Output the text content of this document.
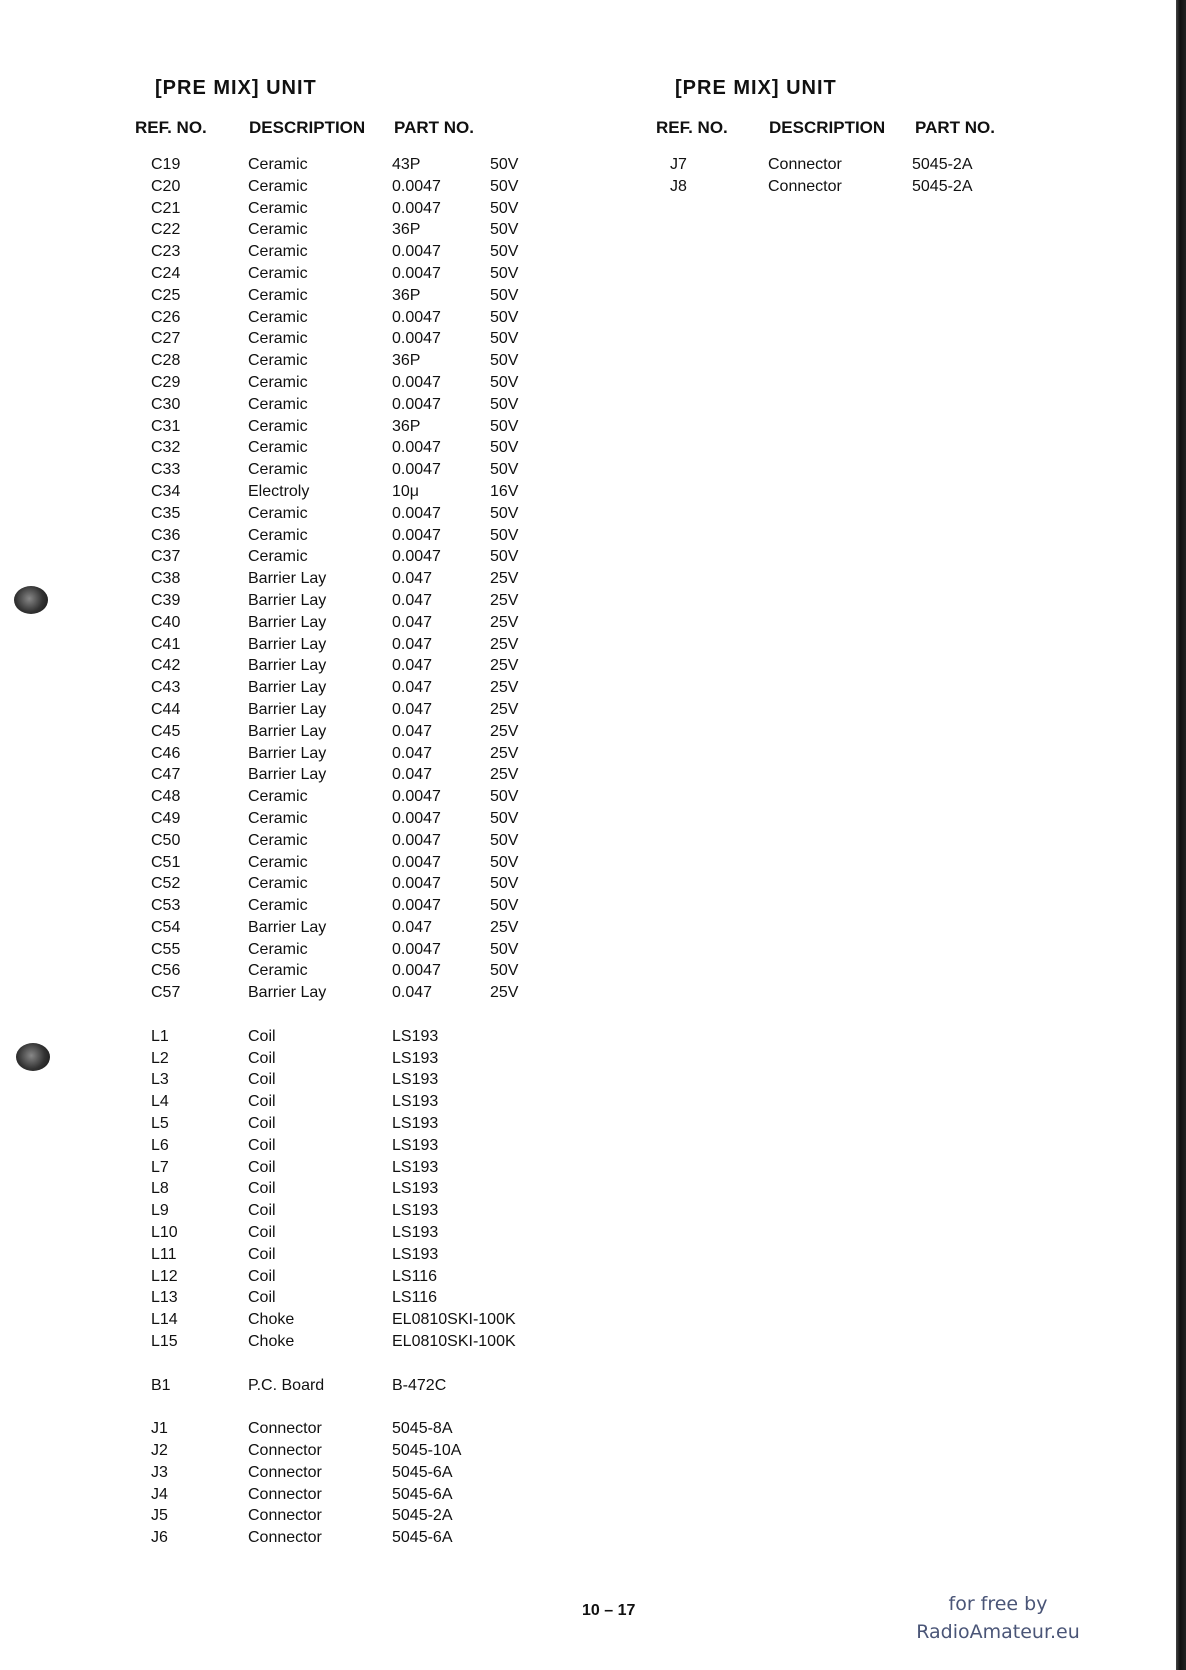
[PRE MIX] UNIT
REF. NO. DESCRIPTION PART NO.
C19	Ceramic	43P	50V
C20	Ceramic	0.0047	50V
C21	Ceramic	0.0047	50V
C22	Ceramic	36P	50V
C23	Ceramic	0.0047	50V
C24	Ceramic	0.0047	50V
C25	Ceramic	36P	50V
C26	Ceramic	0.0047	50V
C27	Ceramic	0.0047	50V
C28	Ceramic	36P	50V
C29	Ceramic	0.0047	50V
C30	Ceramic	0.0047	50V
C31	Ceramic	36P	50V
C32	Ceramic	0.0047	50V
C33	Ceramic	0.0047	50V
C34	Electroly	10μ	16V
C35	Ceramic	0.0047	50V
C36	Ceramic	0.0047	50V
C37	Ceramic	0.0047	50V
C38	Barrier Lay	0.047	25V
C39	Barrier Lay	0.047	25V
C40	Barrier Lay	0.047	25V
C41	Barrier Lay	0.047	25V
C42	Barrier Lay	0.047	25V
C43	Barrier Lay	0.047	25V
C44	Barrier Lay	0.047	25V
C45	Barrier Lay	0.047	25V
C46	Barrier Lay	0.047	25V
C47	Barrier Lay	0.047	25V
C48	Ceramic	0.0047	50V
C49	Ceramic	0.0047	50V
C50	Ceramic	0.0047	50V
C51	Ceramic	0.0047	50V
C52	Ceramic	0.0047	50V
C53	Ceramic	0.0047	50V
C54	Barrier Lay	0.047	25V
C55	Ceramic	0.0047	50V
C56	Ceramic	0.0047	50V
C57	Barrier Lay	0.047	25V
L1	Coil	LS193
L2	Coil	LS193
L3	Coil	LS193
L4	Coil	LS193
L5	Coil	LS193
L6	Coil	LS193
L7	Coil	LS193
L8	Coil	LS193
L9	Coil	LS193
L10	Coil	LS193
L11	Coil	LS193
L12	Coil	LS116
L13	Coil	LS116
L14	Choke	EL0810SKI-100K
L15	Choke	EL0810SKI-100K
B1	P.C. Board	B-472C
J1	Connector	5045-8A
J2	Connector	5045-10A
J3	Connector	5045-6A
J4	Connector	5045-6A
J5	Connector	5045-2A
J6	Connector	5045-6A
[PRE MIX] UNIT
REF. NO. DESCRIPTION PART NO.
J7	Connector	5045-2A
J8	Connector	5045-2A
10 – 17	for free by
RadioAmateur.eu
